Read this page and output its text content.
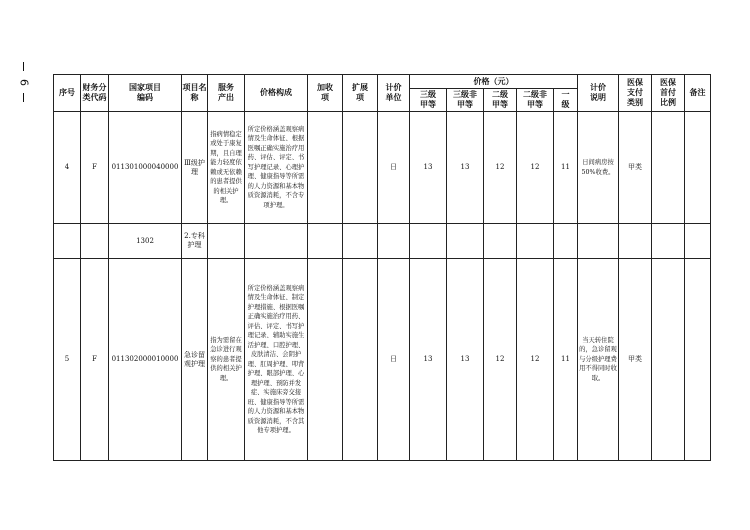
6
序号	财务分类代码	国家项目编码	项目名称	服务产出	价格构成	加收项	扩展项	计价单位	价格（元）					计价说明	医保支付类别	医保首付比例	备注
									三级甲等	三级非甲等	二级甲等	二级非甲等	一级				
4	F	011301000040000	Ⅲ级护理	指病情稳定或处于康复期，且自理能力轻度依赖或无依赖的患者提供的相关护理。	所定价格涵盖观察病情及生命体征、根据医嘱正确实施治疗用药、评估、评定、书写护理记录、心理护理、健康指导等所需的人力资源和基本物质资源消耗，不含专项护理。			日	13	13	12	12	11	日间病房按50%收费。	甲类		
		1302	2.专科护理														
5	F	011302000010000	急诊留观护理	指为需留在急诊进行观察的患者提供的相关护理。	所定价格涵盖观察病情及生命体征、制定护理措施、根据医嘱正确实施治疗用药、评估、评定、书写护理记录、辅助实施生活护理、口腔护理、皮肤清洁、会阴护理、肛周护理、叩背护理、眼部护理、心理护理、预防并发症、实施床旁交接班、健康指导等所需的人力资源和基本物质资源消耗，不含其他专项护理。			日	13	13	12	12	11	当天转住院的，急诊留观与分级护理费用不得同时收取。	甲类		
